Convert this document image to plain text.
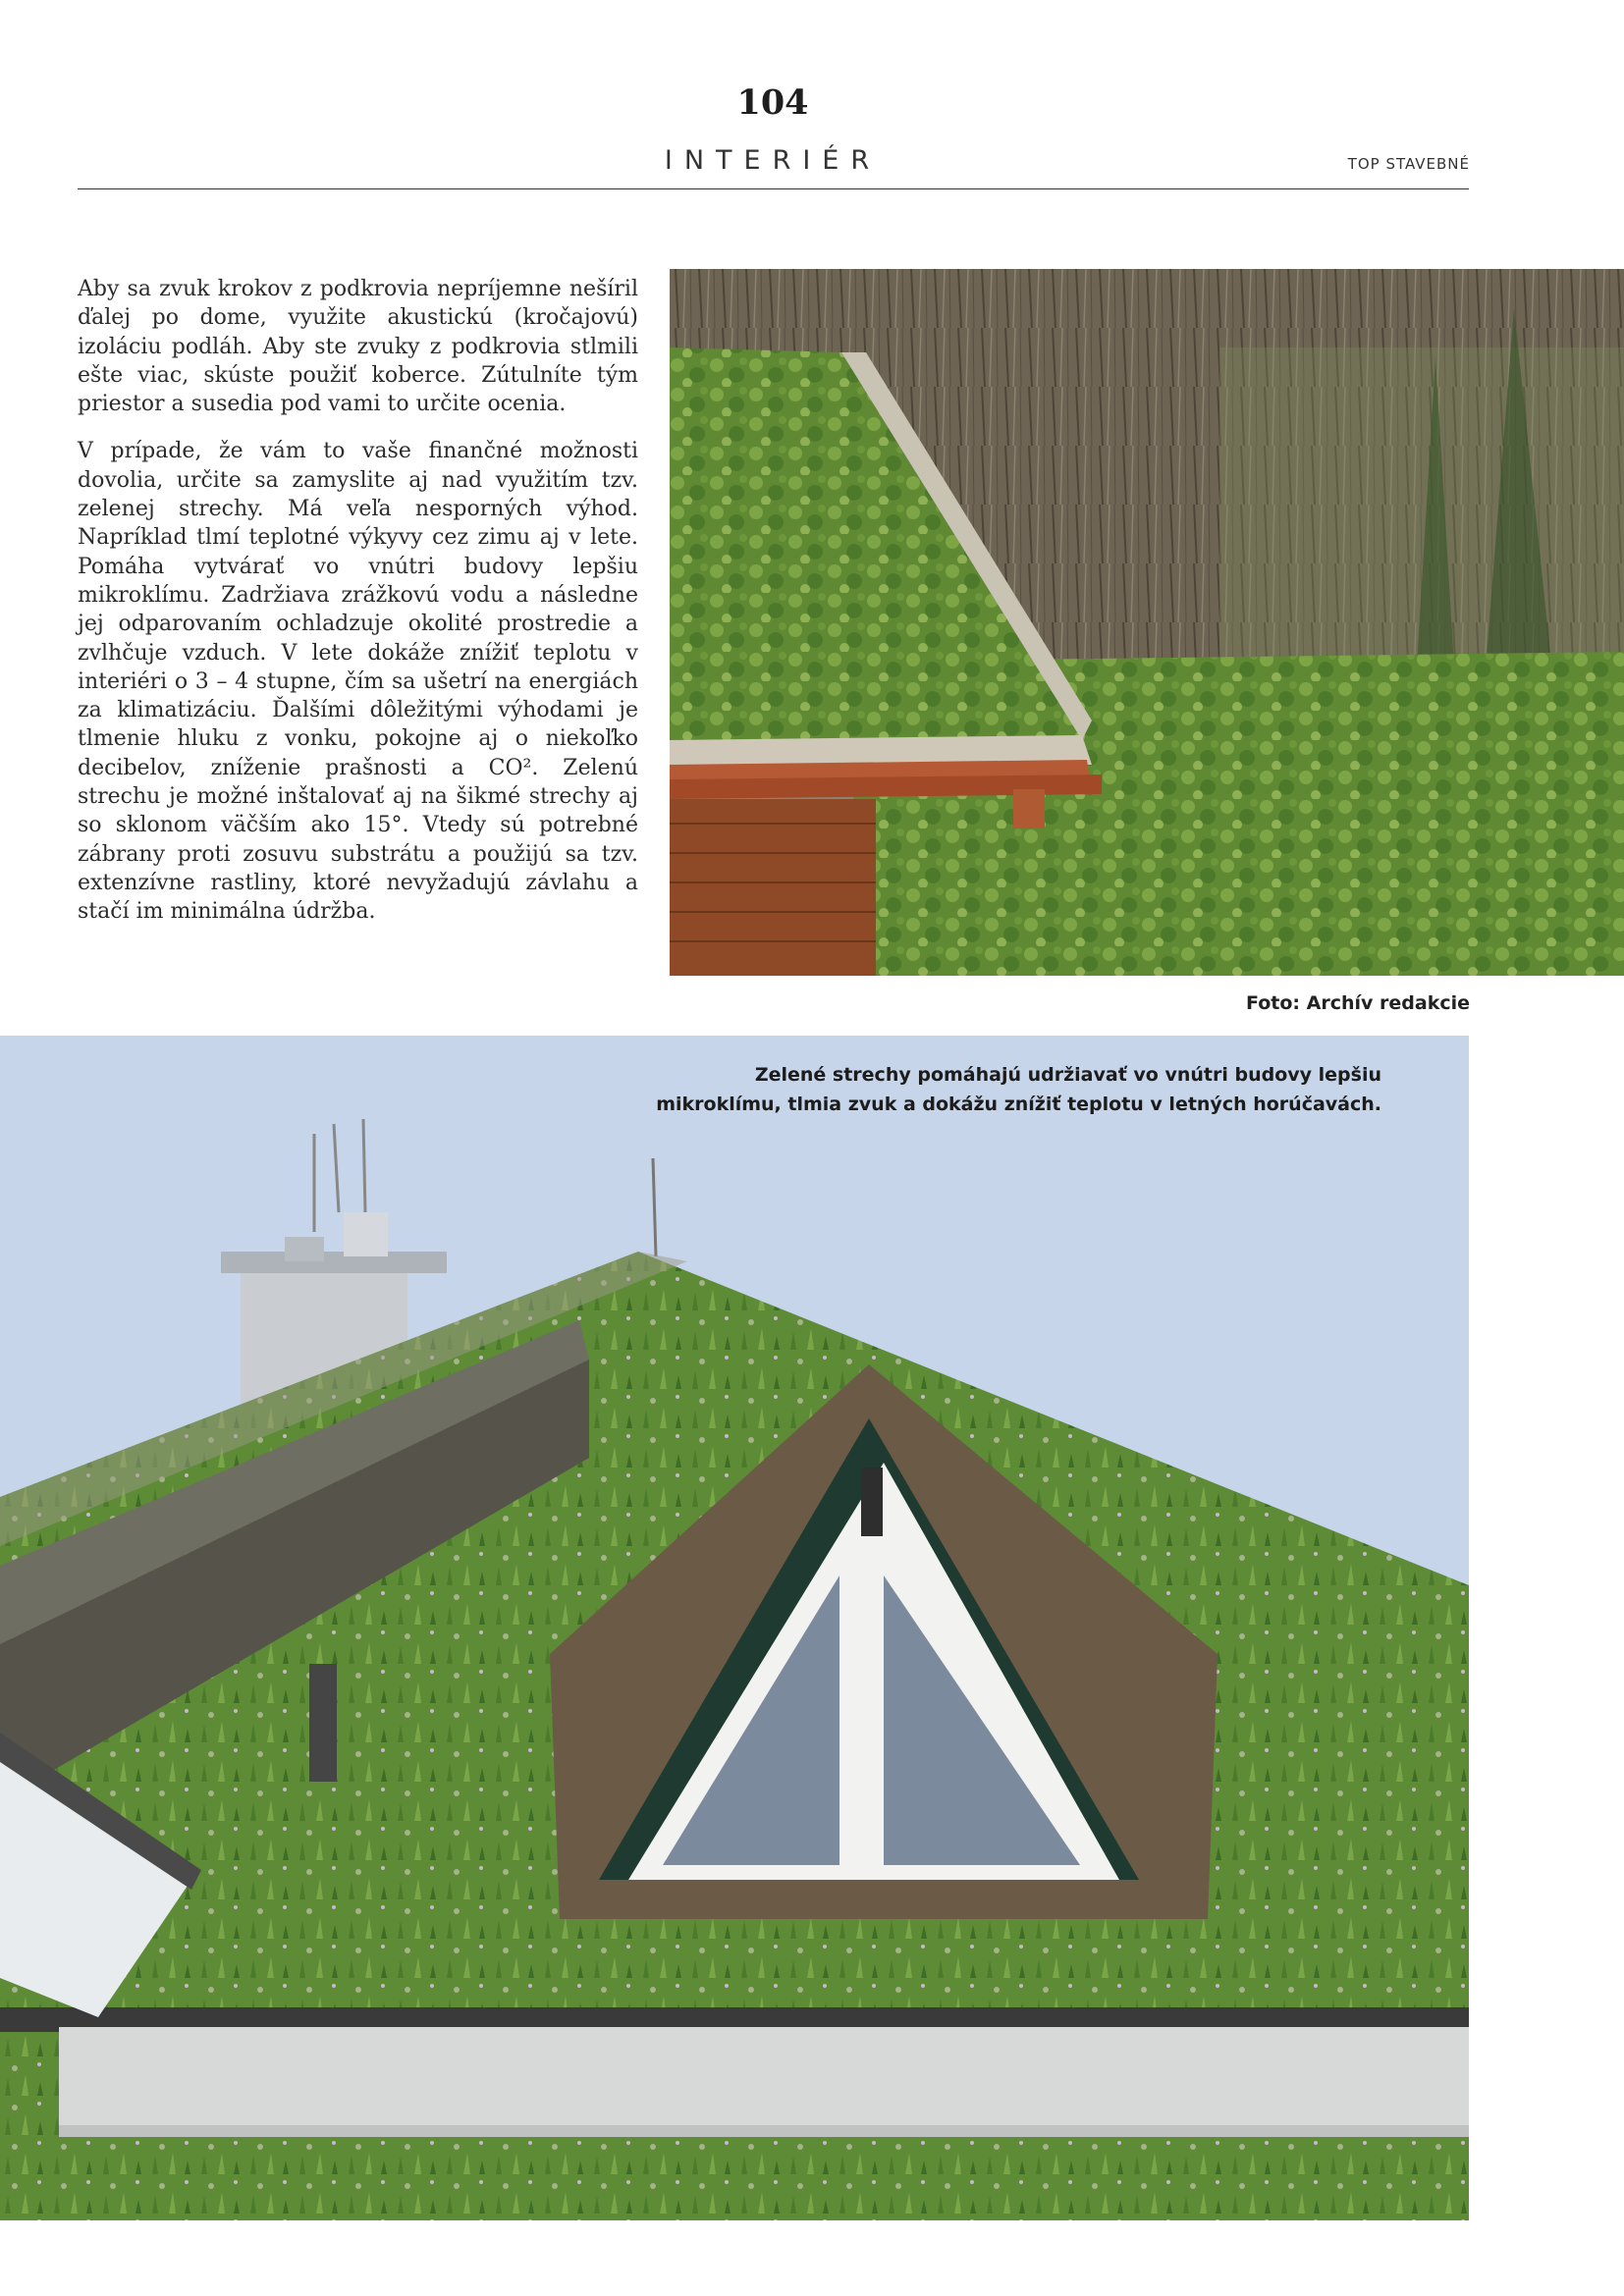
104
INTERIÉR	TOP STAVEBNÉ

Aby sa zvuk krokov z podkrovia nepríjemne nešíril ďalej po dome, využite akustickú (kročajovú) izoláciu podláh. Aby ste zvuky z podkrovia stlmili ešte viac, skúste použiť koberce. Zútulníte tým priestor a susedia pod vami to určite ocenia.

V prípade, že vám to vaše finančné možnosti dovolia, určite sa zamyslite aj nad využitím tzv. zelenej strechy. Má veľa nesporných výhod. Napríklad tlmí teplotné výkyvy cez zimu aj v lete. Pomáha vytvárať vo vnútri budovy lepšiu mikroklímu. Zadržiava zrážkovú vodu a následne jej odparovaním ochladzuje okolité prostredie a zvlhčuje vzduch. V lete dokáže znížiť teplotu v interiéri o 3 – 4 stupne, čím sa ušetrí na energiách za klimatizáciu. Ďalšími dôležitými výhodami je tlmenie hluku z vonku, pokojne aj o niekoľko decibelov, zníženie prašnosti a CO². Zelenú strechu je možné inštalovať aj na šikmé strechy aj so sklonom väčším ako 15°. Vtedy sú potrebné zábrany proti zosuvu substrátu a použijú sa tzv. extenzívne rastliny, ktoré nevyžadujú závlahu a stačí im minimálna údržba.

Foto: Archív redakcie
Zelené strechy pomáhajú udržiavať vo vnútri budovy lepšiu mikroklímu, tlmia zvuk a dokážu znížiť teplotu v letných horúčavách.
